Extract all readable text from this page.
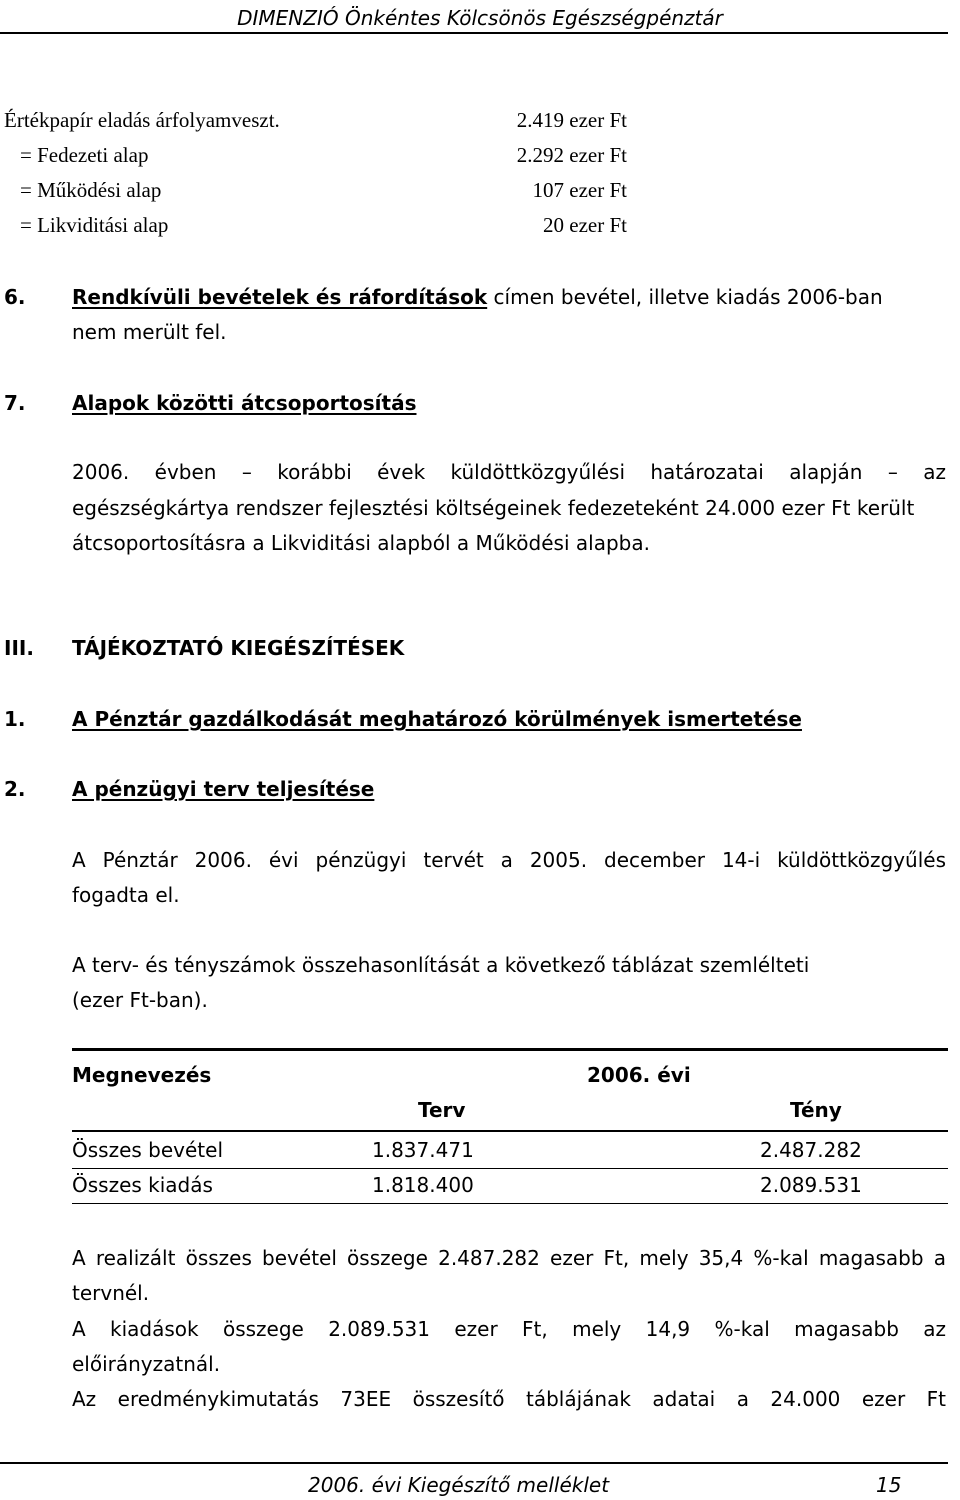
DIMENZIÓ Önkéntes Kölcsönös Egészségpénztár
Értékpapír eladás árfolyamveszt.	2.419 ezer Ft
= Fedezeti alap	2.292 ezer Ft
= Működési alap	107 ezer Ft
= Likviditási alap	20 ezer Ft
6. Rendkívüli bevételek és ráfordítások címen bevétel, illetve kiadás 2006-ban
nem merült fel.
7. Alapok közötti átcsoportosítás
2006. évben – korábbi évek küldöttközgyűlési határozatai alapján – az
egészségkártya rendszer fejlesztési költségeinek fedezeteként 24.000 ezer Ft került
átcsoportosításra a Likviditási alapból a Működési alapba.
III. TÁJÉKOZTATÓ KIEGÉSZÍTÉSEK
1. A Pénztár gazdálkodását meghatározó körülmények ismertetése
2. A pénzügyi terv teljesítése
A Pénztár 2006. évi pénzügyi tervét a 2005. december 14-i küldöttközgyűlés
fogadta el.
A terv- és tényszámok összehasonlítását a következő táblázat szemlélteti
(ezer Ft-ban).
Megnevezés	2006. évi
Terv	Tény
Összes bevétel	1.837.471	2.487.282
Összes kiadás	1.818.400	2.089.531
A realizált összes bevétel összege 2.487.282 ezer Ft, mely 35,4 %-kal magasabb a
tervnél.
A kiadások összege 2.089.531 ezer Ft, mely 14,9 %-kal magasabb az
előirányzatnál.
Az eredménykimutatás 73EE összesítő táblájának adatai a 24.000 ezer Ft
2006. évi Kiegészítő melléklet	15
